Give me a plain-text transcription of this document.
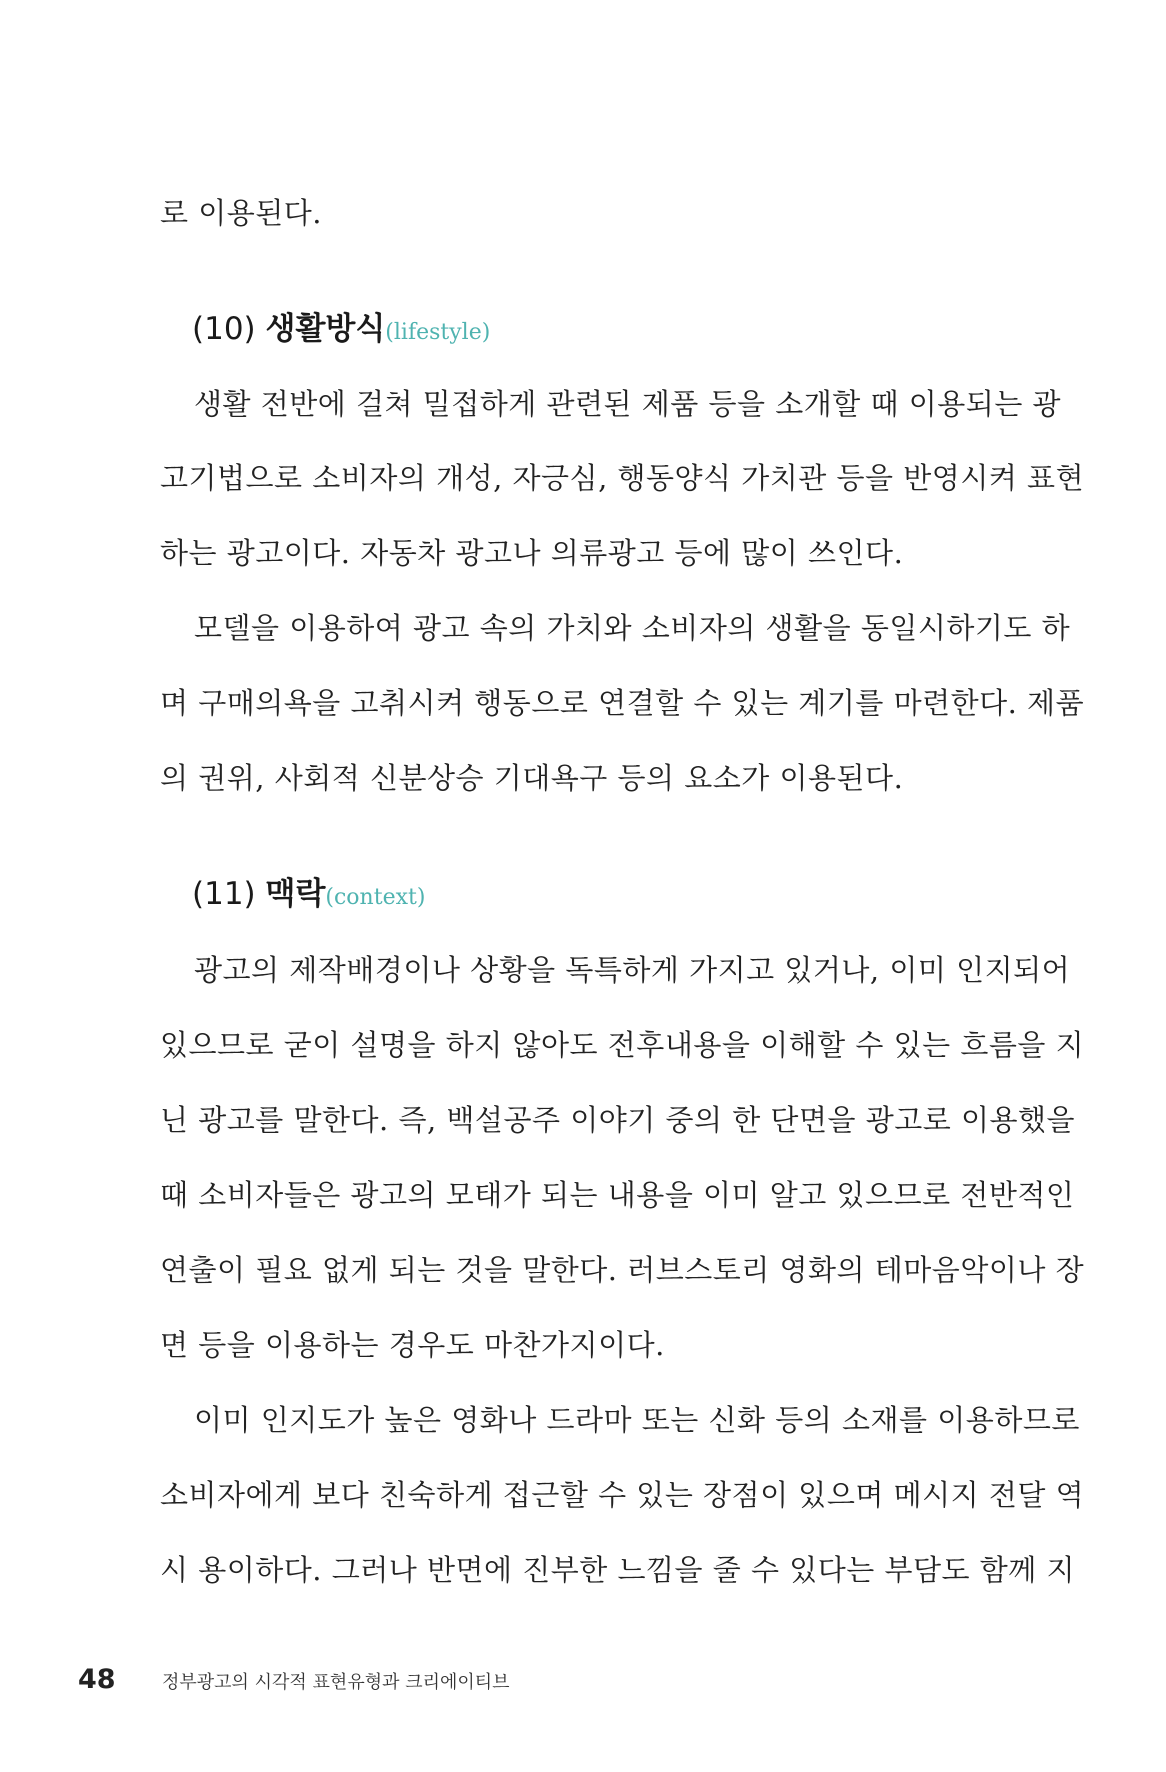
로 이용된다.
(10) 생활방식(lifestyle)
생활 전반에 걸쳐 밀접하게 관련된 제품 등을 소개할 때 이용되는 광
고기법으로 소비자의 개성, 자긍심, 행동양식 가치관 등을 반영시켜 표현
하는 광고이다. 자동차 광고나 의류광고 등에 많이 쓰인다.
모델을 이용하여 광고 속의 가치와 소비자의 생활을 동일시하기도 하
며 구매의욕을 고취시켜 행동으로 연결할 수 있는 계기를 마련한다. 제품
의 권위, 사회적 신분상승 기대욕구 등의 요소가 이용된다.
(11) 맥락(context)
광고의 제작배경이나 상황을 독특하게 가지고 있거나, 이미 인지되어
있으므로 굳이 설명을 하지 않아도 전후내용을 이해할 수 있는 흐름을 지
닌 광고를 말한다. 즉, 백설공주 이야기 중의 한 단면을 광고로 이용했을
때 소비자들은 광고의 모태가 되는 내용을 이미 알고 있으므로 전반적인
연출이 필요 없게 되는 것을 말한다. 러브스토리 영화의 테마음악이나 장
면 등을 이용하는 경우도 마찬가지이다.
이미 인지도가 높은 영화나 드라마 또는 신화 등의 소재를 이용하므로
소비자에게 보다 친숙하게 접근할 수 있는 장점이 있으며 메시지 전달 역
시 용이하다. 그러나 반면에 진부한 느낌을 줄 수 있다는 부담도 함께 지
48	정부광고의 시각적 표현유형과 크리에이티브
